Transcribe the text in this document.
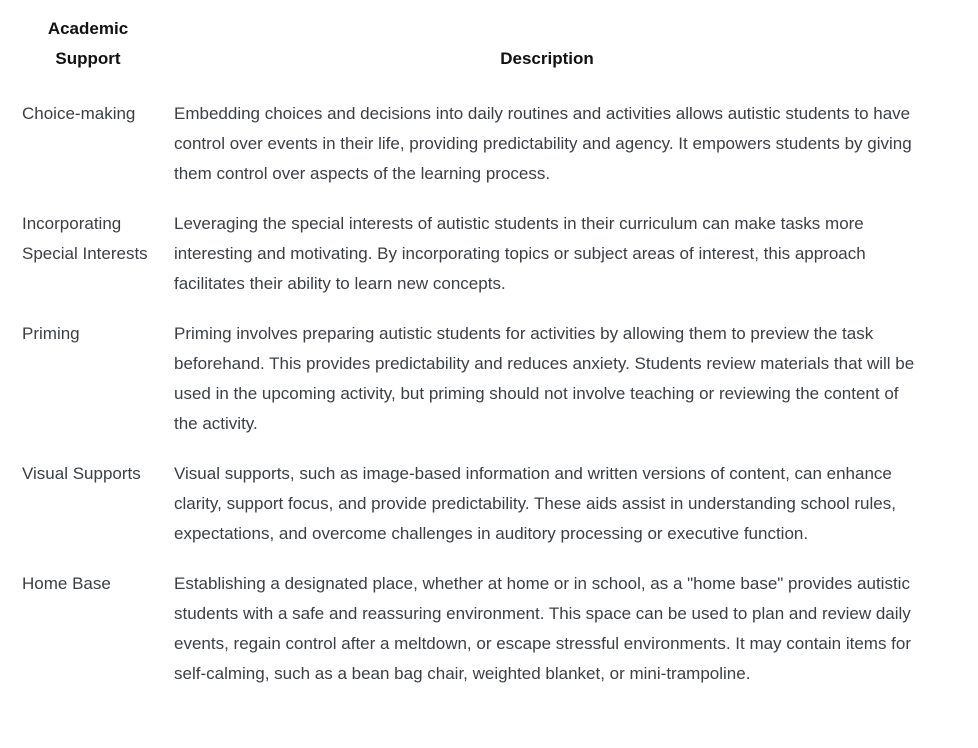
Academic Support	Description
Choice-making	Embedding choices and decisions into daily routines and activities allows autistic students to have control over events in their life, providing predictability and agency. It empowers students by giving them control over aspects of the learning process.
Incorporating Special Interests	Leveraging the special interests of autistic students in their curriculum can make tasks more interesting and motivating. By incorporating topics or subject areas of interest, this approach facilitates their ability to learn new concepts.
Priming	Priming involves preparing autistic students for activities by allowing them to preview the task beforehand. This provides predictability and reduces anxiety. Students review materials that will be used in the upcoming activity, but priming should not involve teaching or reviewing the content of the activity.
Visual Supports	Visual supports, such as image-based information and written versions of content, can enhance clarity, support focus, and provide predictability. These aids assist in understanding school rules, expectations, and overcome challenges in auditory processing or executive function.
Home Base	Establishing a designated place, whether at home or in school, as a "home base" provides autistic students with a safe and reassuring environment. This space can be used to plan and review daily events, regain control after a meltdown, or escape stressful environments. It may contain items for self-calming, such as a bean bag chair, weighted blanket, or mini-trampoline.
